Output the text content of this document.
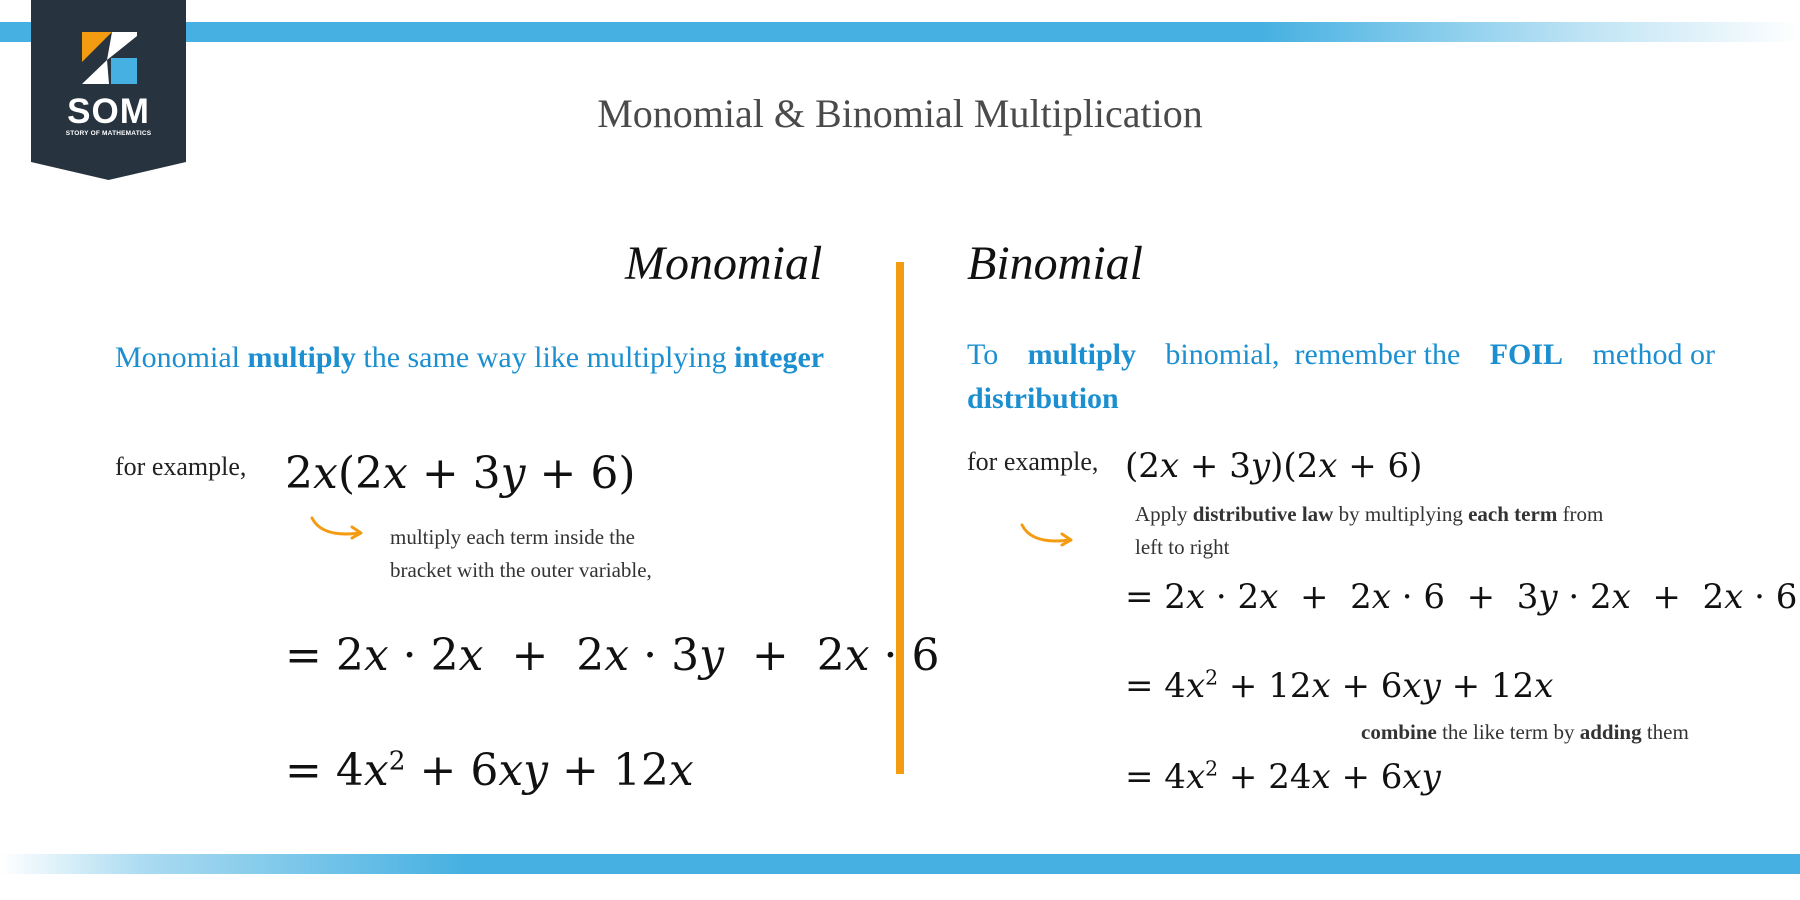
SOM
STORY OF MATHEMATICS	Monomial & Binomial Multiplication
Monomial
Monomial multiply the same way like multiplying integer
for example, 2x(2x + 3y + 6)
multiply each term inside the
bracket with the outer variable,
= 2x · 2x  +  2x · 3y  +  2x · 6
= $4x^2 + 6xy + 12x$
Binomial
To multiply binomial,  remember the FOIL method or
distribution
for example, (2x + 3y)(2x + 6)
Apply distributive law by multiplying each term from
left to right
= 2x · 2x  +  2x · 6  +  3y · 2x  +  2x · 6
= $4x^2 + 12x + 6xy + 12x$
combine the like term by adding them
= $4x^2 + 24x + 6xy$
